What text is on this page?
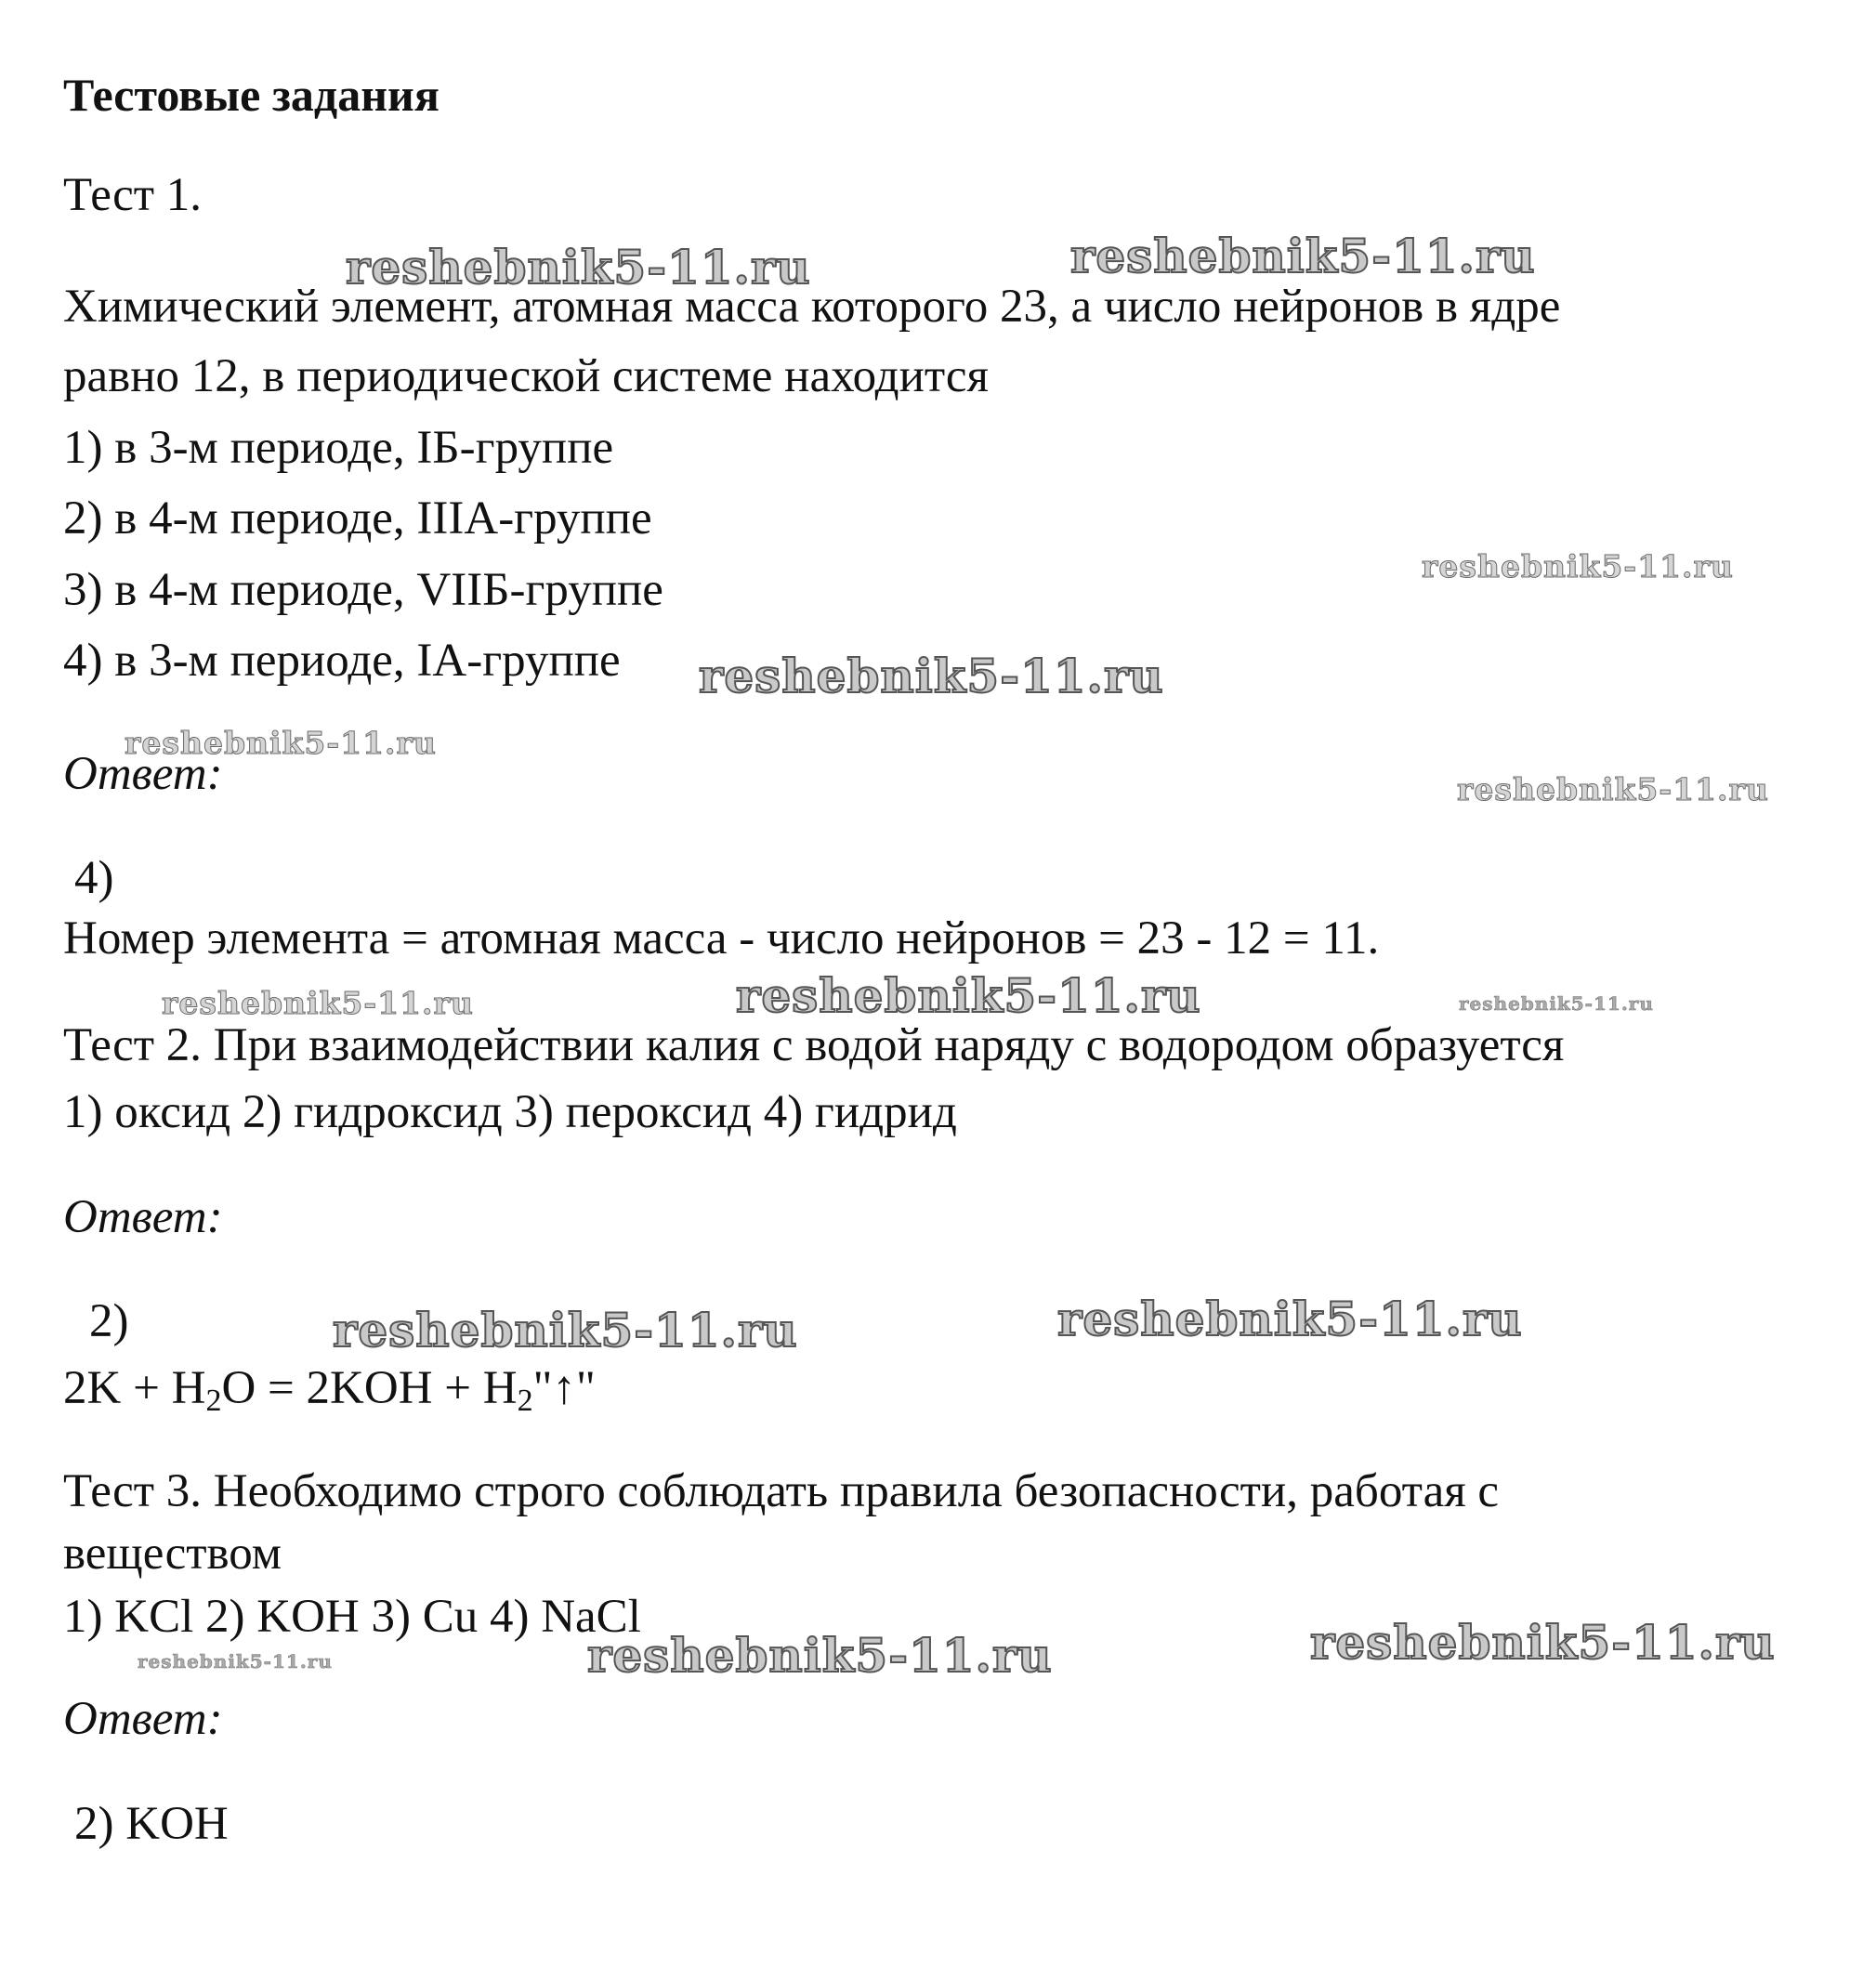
Тестовые задания
Тест 1.
Химический элемент, атомная масса которого 23, а число нейронов в ядре
равно 12, в периодической системе находится
1) в 3-м периоде, IБ-группе
2) в 4-м периоде, IIIA-группе
3) в 4-м периоде, VIIБ-группе
4) в 3-м периоде, IA-группе
Ответ:
4)
Номер элемента = атомная масса - число нейронов = 23 - 12 = 11.
Тест 2. При взаимодействии калия с водой наряду с водородом образуется
1) оксид 2) гидроксид 3) пероксид 4) гидрид
Ответ:
2)
$2K + H_2O = 2KOH$ + $H_2"↑$"
Тест 3. Необходимо строго соблюдать правила безопасности, работая с
веществом
1) KCl 2) KOH 3) Cu 4) NaCl
Ответ:
2) KOH
reshebnik5-11.ru	reshebnik5-11.ru
reshebnik5-11.ru
reshebnik5-11.ru
reshebnik5-11.ru
reshebnik5-11.ru
reshebnik5-11.ru	reshebnik5-11.ru	reshebnik5-11.ru
reshebnik5-11.ru	reshebnik5-11.ru
reshebnik5-11.ru
reshebnik5-11.ru
reshebnik5-11.ru
